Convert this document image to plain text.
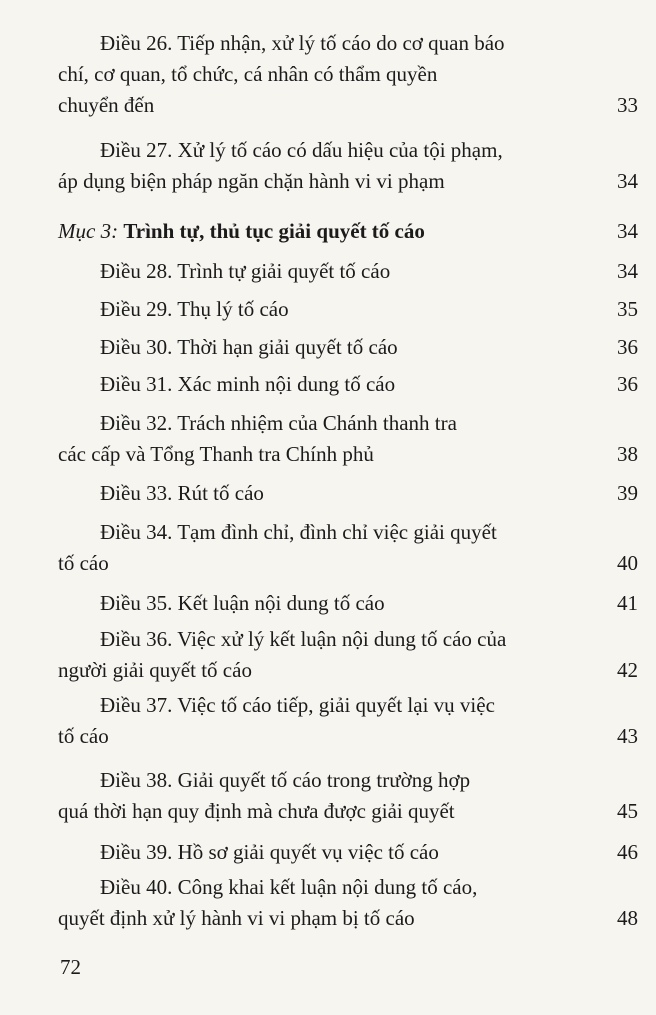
Điều 26. Tiếp nhận, xử lý tố cáo do cơ quan báo
chí, cơ quan, tổ chức, cá nhân có thẩm quyền
chuyển đến	33
Điều 27. Xử lý tố cáo có dấu hiệu của tội phạm,
áp dụng biện pháp ngăn chặn hành vi vi phạm	34
Mục 3: Trình tự, thủ tục giải quyết tố cáo	34
Điều 28. Trình tự giải quyết tố cáo	34
Điều 29. Thụ lý tố cáo	35
Điều 30. Thời hạn giải quyết tố cáo	36
Điều 31. Xác minh nội dung tố cáo	36
Điều 32. Trách nhiệm của Chánh thanh tra
các cấp và Tổng Thanh tra Chính phủ	38
Điều 33. Rút tố cáo	39
Điều 34. Tạm đình chỉ, đình chỉ việc giải quyết
tố cáo	40
Điều 35. Kết luận nội dung tố cáo	41
Điều 36. Việc xử lý kết luận nội dung tố cáo của
người giải quyết tố cáo	42
Điều 37. Việc tố cáo tiếp, giải quyết lại vụ việc
tố cáo	43
Điều 38. Giải quyết tố cáo trong trường hợp
quá thời hạn quy định mà chưa được giải quyết	45
Điều 39. Hồ sơ giải quyết vụ việc tố cáo	46
Điều 40. Công khai kết luận nội dung tố cáo,
quyết định xử lý hành vi vi phạm bị tố cáo	48
72
